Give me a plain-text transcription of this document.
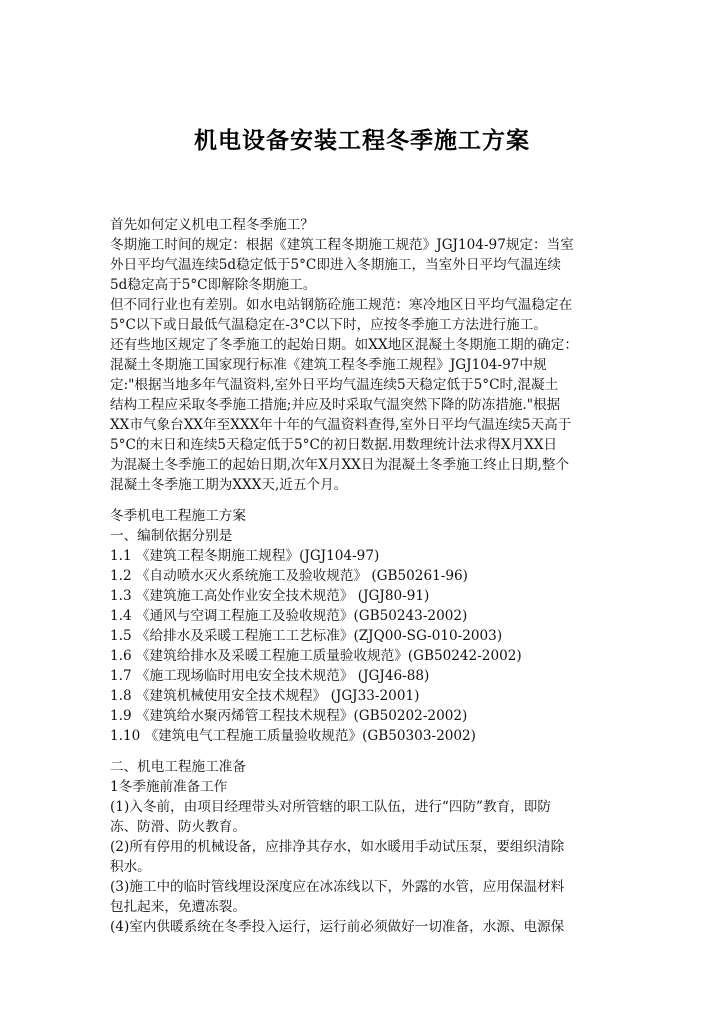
机电设备安装工程冬季施工方案
首先如何定义机电工程冬季施工？
冬期施工时间的规定：根据《建筑工程冬期施工规范》JGJ104-97规定：当室
外日平均气温连续5d稳定低于5°C即进入冬期施工，当室外日平均气温连续
5d稳定高于5°C即解除冬期施工。
但不同行业也有差别。如水电站钢筋砼施工规范：寒冷地区日平均气温稳定在
5°C以下或日最低气温稳定在-3°C以下时，应按冬季施工方法进行施工。
还有些地区规定了冬季施工的起始日期。如XX地区混凝土冬期施工期的确定：
混凝土冬期施工国家现行标准《建筑工程冬季施工规程》JGJ104-97中规
定:"根据当地多年气温资料,室外日平均气温连续5天稳定低于5°C时,混凝土
结构工程应采取冬季施工措施;并应及时采取气温突然下降的防冻措施."根据
XX市气象台XX年至XXX年十年的气温资料查得,室外日平均气温连续5天高于
5°C的末日和连续5天稳定低于5°C的初日数据.用数理统计法求得X月XX日
为混凝土冬季施工的起始日期,次年X月XX日为混凝土冬季施工终止日期,整个
混凝土冬季施工期为XXX天,近五个月。
冬季机电工程施工方案
一、编制依据分别是
1.1 《建筑工程冬期施工规程》(JGJ104-97)
1.2 《自动喷水灭火系统施工及验收规范》 (GB50261-96)
1.3 《建筑施工高处作业安全技术规范》 (JGJ80-91)
1.4 《通风与空调工程施工及验收规范》(GB50243-2002)
1.5 《给排水及采暖工程施工工艺标准》(ZJQ00-SG-010-2003)
1.6 《建筑给排水及采暖工程施工质量验收规范》(GB50242-2002)
1.7 《施工现场临时用电安全技术规范》 (JGJ46-88)
1.8 《建筑机械使用安全技术规程》 (JGJ33-2001)
1.9 《建筑给水聚丙烯管工程技术规程》(GB50202-2002)
1.10 《建筑电气工程施工质量验收规范》(GB50303-2002)
二、机电工程施工准备
1冬季施前准备工作
(1)入冬前，由项目经理带头对所管辖的职工队伍，进行“四防”教育，即防
冻、防滑、防火教育。
(2)所有停用的机械设备，应排净其存水，如水暖用手动试压泵，要组织清除
积水。
(3)施工中的临时管线埋设深度应在冰冻线以下，外露的水管，应用保温材料
包扎起来，免遭冻裂。
(4)室内供暖系统在冬季投入运行，运行前必须做好一切准备，水源、电源保
